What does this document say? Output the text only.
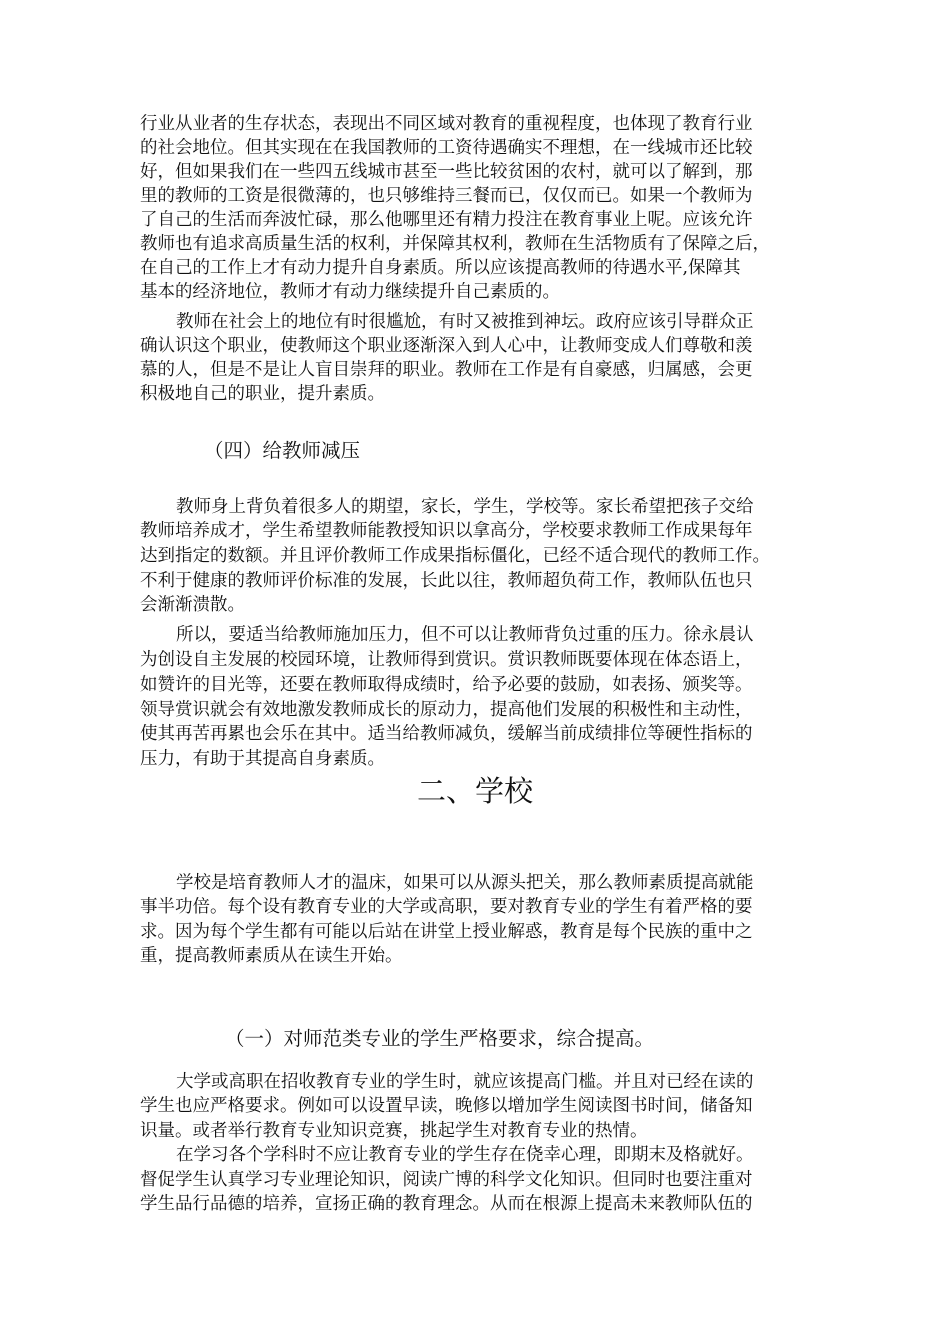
行业从业者的生存状态，表现出不同区域对教育的重视程度，也体现了教育行业

的社会地位。但其实现在在我国教师的工资待遇确实不理想，在一线城市还比较

好，但如果我们在一些四五线城市甚至一些比较贫困的农村，就可以了解到，那

里的教师的工资是很微薄的，也只够维持三餐而已，仅仅而已。如果一个教师为

了自己的生活而奔波忙碌，那么他哪里还有精力投注在教育事业上呢。应该允许

教师也有追求高质量生活的权利，并保障其权利，教师在生活物质有了保障之后，

在自己的工作上才有动力提升自身素质。所以应该提高教师的待遇水平,保障其

基本的经济地位，教师才有动力继续提升自己素质的。

教师在社会上的地位有时很尴尬，有时又被推到神坛。政府应该引导群众正

确认识这个职业，使教师这个职业逐渐深入到人心中，让教师变成人们尊敬和羡

慕的人，但是不是让人盲目崇拜的职业。教师在工作是有自豪感，归属感，会更

积极地自己的职业，提升素质。

（四）给教师减压

教师身上背负着很多人的期望，家长，学生，学校等。家长希望把孩子交给

教师培养成才，学生希望教师能教授知识以拿高分，学校要求教师工作成果每年

达到指定的数额。并且评价教师工作成果指标僵化，已经不适合现代的教师工作。

不利于健康的教师评价标准的发展，长此以往，教师超负荷工作，教师队伍也只

会渐渐溃散。

所以，要适当给教师施加压力，但不可以让教师背负过重的压力。徐永晨认

为创设自主发展的校园环境，让教师得到赏识。赏识教师既要体现在体态语上，

如赞许的目光等，还要在教师取得成绩时，给予必要的鼓励，如表扬、颁奖等。

领导赏识就会有效地激发教师成长的原动力，提高他们发展的积极性和主动性，

使其再苦再累也会乐在其中。适当给教师减负，缓解当前成绩排位等硬性指标的

压力，有助于其提高自身素质。

二、学校

学校是培育教师人才的温床，如果可以从源头把关，那么教师素质提高就能

事半功倍。每个设有教育专业的大学或高职，要对教育专业的学生有着严格的要

求。因为每个学生都有可能以后站在讲堂上授业解惑，教育是每个民族的重中之

重，提高教师素质从在读生开始。

（一）对师范类专业的学生严格要求，综合提高。

大学或高职在招收教育专业的学生时，就应该提高门槛。并且对已经在读的

学生也应严格要求。例如可以设置早读，晚修以增加学生阅读图书时间，储备知

识量。或者举行教育专业知识竞赛，挑起学生对教育专业的热情。

在学习各个学科时不应让教育专业的学生存在侥幸心理，即期末及格就好。

督促学生认真学习专业理论知识，阅读广博的科学文化知识。但同时也要注重对

学生品行品德的培养，宣扬正确的教育理念。从而在根源上提高未来教师队伍的
